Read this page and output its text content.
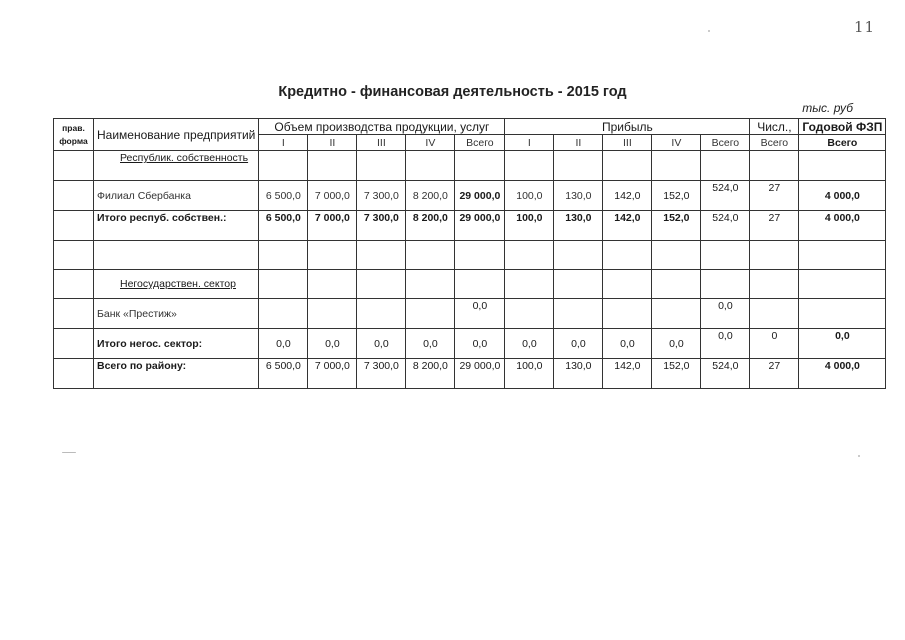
11
Кредитно - финансовая деятельность - 2015 год
тыс. руб
прав.
форма	Наименование предприятий	Объем производства продукции, услуг					Прибыль					Числ.,	Годовой ФЗП
		I	II	III	IV	Всего	I	II	III	IV	Всего	Всего	Всего
	Республик. собственность												
	Филиал Сбербанка	6 500,0	7 000,0	7 300,0	8 200,0	29 000,0	100,0	130,0	142,0	152,0	524,0	27	4 000,0
	Итого респуб. собствен.:	6 500,0	7 000,0	7 300,0	8 200,0	29 000,0	100,0	130,0	142,0	152,0	524,0	27	4 000,0

	Негосударствен. сектор												
	Банк «Престиж»					0,0					0,0		
	Итого негос. сектор:	0,0	0,0	0,0	0,0	0,0	0,0	0,0	0,0	0,0	0,0	0	0,0
	Всего по району:	6 500,0	7 000,0	7 300,0	8 200,0	29 000,0	100,0	130,0	142,0	152,0	524,0	27	4 000,0
